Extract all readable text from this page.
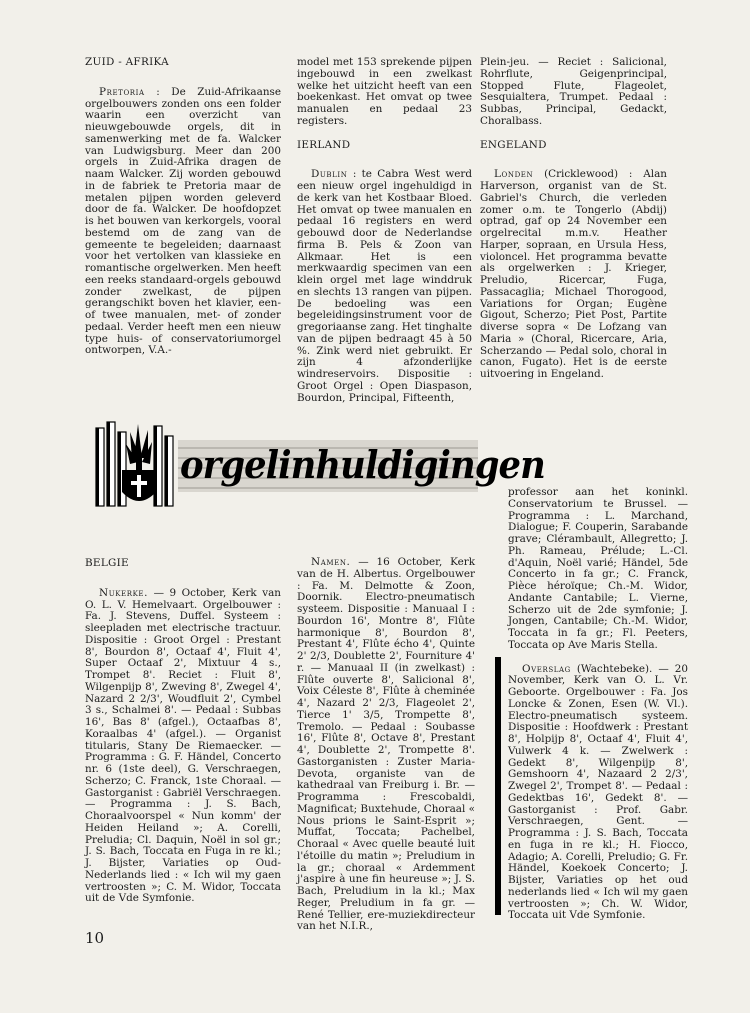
ZUID - AFRIKA

Pretoria : De Zuid-Afrikaanse orgelbouwers zonden ons een folder waarin een overzicht van nieuwgebouwde orgels, dit in samenwerking met de fa. Walcker van Ludwigsburg. Meer dan 200 orgels in Zuid-Afrika dragen de naam Walcker. Zij worden gebouwd in de fabriek te Pretoria maar de metalen pijpen worden geleverd door de fa. Walcker. De hoofdopzet is het bouwen van kerkorgels, vooral bestemd om de zang van de gemeente te begeleiden; daarnaast voor het vertolken van klassieke en romantische orgelwerken. Men heeft een reeks standaard-orgels gebouwd zonder zwelkast, de pijpen gerangschikt boven het klavier, een- of twee manualen, met- of zonder pedaal. Verder heeft men een nieuw type huis- of conservatoriumorgel ontworpen, V.A.-

model met 153 sprekende pijpen ingebouwd in een zwelkast welke het uitzicht heeft van een boekenkast. Het omvat op twee manualen en pedaal 23 registers.

IERLAND

Dublin : te Cabra West werd een nieuw orgel ingehuldigd in de kerk van het Kostbaar Bloed. Het omvat op twee manualen en pedaal 16 registers en werd gebouwd door de Nederlandse firma B. Pels & Zoon van Alkmaar. Het is een merkwaardig specimen van een klein orgel met lage winddruk en slechts 13 rangen van pijpen. De bedoeling was een begeleidingsinstrument voor de gregoriaanse zang. Het tinghalte van de pijpen bedraagt 45 à 50 %. Zink werd niet gebruikt. Er zijn 4 afzonderlijke windreservoirs. Dispositie : Groot Orgel : Open Diaspason, Bourdon, Principal, Fifteenth,

Plein-jeu. — Reciet : Salicional, Rohrflute, Geigenprincipal, Stopped Flute, Flageolet, Sesquialtera, Trumpet. Pedaal : Subbas, Principal, Gedackt, Choralbass.

ENGELAND

Londen (Cricklewood) : Alan Harverson, organist van de St. Gabriel's Church, die verleden zomer o.m. te Tongerlo (Abdij) optrad, gaf op 24 November een orgelrecital m.m.v. Heather Harper, sopraan, en Ursula Hess, violoncel. Het programma bevatte als orgelwerken : J. Krieger, Preludio, Ricercar, Fuga, Passacaglia; Michael Thorogood, Variations for Organ; Eugène Gigout, Scherzo; Piet Post, Partite diverse sopra « De Lofzang van Maria » (Choral, Ricercare, Aria, Scherzando — Pedal solo, choral in canon, Fugato). Het is de eerste uitvoering in Engeland.

orgelinhuldigingen
BELGIE

Nukerke. — 9 October, Kerk van O. L. V. Hemelvaart. Orgelbouwer : Fa. J. Stevens, Duffel. Systeem : sleepladen met electrische tractuur. Dispositie : Groot Orgel : Prestant 8', Bourdon 8', Octaaf 4', Fluit 4', Super Octaaf 2', Mixtuur 4 s., Trompet 8'. Reciet : Fluit 8', Wilgenpijp 8', Zweving 8', Zwegel 4', Nazard 2 2/3', Woudfluit 2', Cymbel 3 s., Schalmei 8'. — Pedaal : Subbas 16', Bas 8' (afgel.), Octaafbas 8', Koraalbas 4' (afgel.). — Organist titularis, Stany De Riemaecker. — Programma : G. F. Händel, Concerto nr. 6 (1ste deel), G. Verschraegen, Scherzo; C. Franck, 1ste Choraal. — Gastorganist : Gabriël Verschraegen. — Programma : J. S. Bach, Choraalvoorspel « Nun komm' der Heiden Heiland »; A. Corelli, Preludia; Cl. Daquin, Noël in sol gr.; J. S. Bach, Toccata en Fuga in re kl.; J. Bijster, Variaties op Oud-Nederlands lied : « Ich wil my gaen vertroosten »; C. M. Widor, Toccata uit de Vde Symfonie.

Namen. — 16 October, Kerk van de H. Albertus. Orgelbouwer : Fa. M. Delmotte & Zoon, Doornik. Electro-pneumatisch systeem. Dispositie : Manuaal I : Bourdon 16', Montre 8', Flûte harmonique 8', Bourdon 8', Prestant 4', Flûte écho 4', Quinte 2' 2/3, Doublette 2', Fourniture 4' r. — Manuaal II (in zwelkast) : Flûte ouverte 8', Salicional 8', Voix Céleste 8', Flûte à cheminée 4', Nazard 2' 2/3, Flageolet 2', Tierce 1' 3/5, Trompette 8', Tremolo. — Pedaal : Soubasse 16', Flûte 8', Octave 8', Prestant 4', Doublette 2', Trompette 8'. Gastorganisten : Zuster Maria-Devota, organiste van de kathedraal van Freiburg i. Br. — Programma : Frescobaldi, Magnificat; Buxtehude, Choraal « Nous prions le Saint-Esprit »; Muffat, Toccata; Pachelbel, Choraal « Avec quelle beauté luit l'étoille du matin »; Preludium in la gr.; choraal « Ardemment j'aspire à une fin heureuse »; J. S. Bach, Preludium in la kl.; Max Reger, Preludium in fa gr. — René Tellier, ere-muziekdirecteur van het N.I.R.,

professor aan het koninkl. Conservatorium te Brussel. — Programma : L. Marchand, Dialogue; F. Couperin, Sarabande grave; Clérambault, Allegretto; J. Ph. Rameau, Prélude; L.-Cl. d'Aquin, Noël varié; Händel, 5de Concerto in fa gr.; C. Franck, Pièce héroïque; Ch.-M. Widor, Andante Cantabile; L. Vierne, Scherzo uit de 2de symfonie; J. Jongen, Cantabile; Ch.-M. Widor, Toccata in fa gr.; Fl. Peeters, Toccata op Ave Maris Stella.

Overslag (Wachtebeke). — 20 November, Kerk van O. L. Vr. Geboorte. Orgelbouwer : Fa. Jos Loncke & Zonen, Esen (W. Vl.). Electro-pneumatisch systeem. Dispositie : Hoofdwerk : Prestant 8', Holpijp 8', Octaaf 4', Fluit 4', Vulwerk 4 k. — Zwelwerk : Gedekt 8', Wilgenpijp 8', Gemshoorn 4', Nazaard 2 2/3', Zwegel 2', Trompet 8'. — Pedaal : Gedektbas 16', Gedekt 8'. — Gastorganist : Prof. Gabr. Verschraegen, Gent. — Programma : J. S. Bach, Toccata en fuga in re kl.; H. Fiocco, Adagio; A. Corelli, Preludio; G. Fr. Händel, Koekoek Concerto; J. Bijster, Variaties op het oud nederlands lied « Ich wil my gaen vertroosten »; Ch. W. Widor, Toccata uit Vde Symfonie.

10
